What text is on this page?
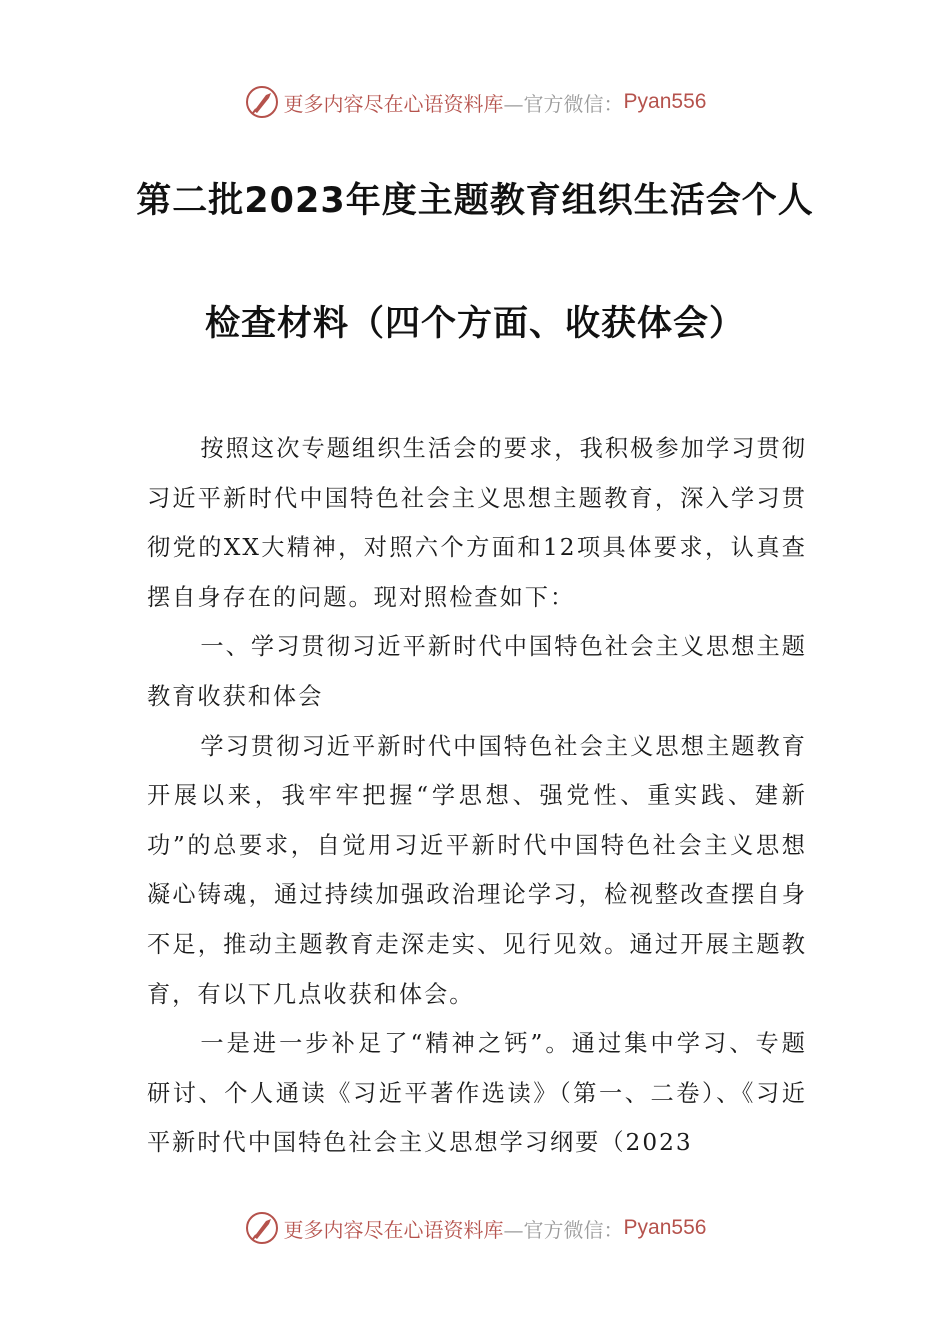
更多内容尽在心语资料库 —官方微信： Pyan556
第二批2023年度主题教育组织生活会个人
检查材料（四个方面、收获体会）

按照这次专题组织生活会的要求，我积极参加学习贯彻习近平新时代中国特色社会主义思想主题教育，深入学习贯彻党的XX大精神，对照六个方面和12项具体要求，认真查摆自身存在的问题。现对照检查如下：

一、学习贯彻习近平新时代中国特色社会主义思想主题教育收获和体会

学习贯彻习近平新时代中国特色社会主义思想主题教育开展以来，我牢牢把握“学思想、强党性、重实践、建新功”的总要求，自觉用习近平新时代中国特色社会主义思想凝心铸魂，通过持续加强政治理论学习，检视整改查摆自身不足，推动主题教育走深走实、见行见效。通过开展主题教育，有以下几点收获和体会。

一是进一步补足了“精神之钙”。通过集中学习、专题研讨、个人通读《习近平著作选读》（第一、二卷）、《习近平新时代中国特色社会主义思想学习纲要（2023

更多内容尽在心语资料库 —官方微信： Pyan556
